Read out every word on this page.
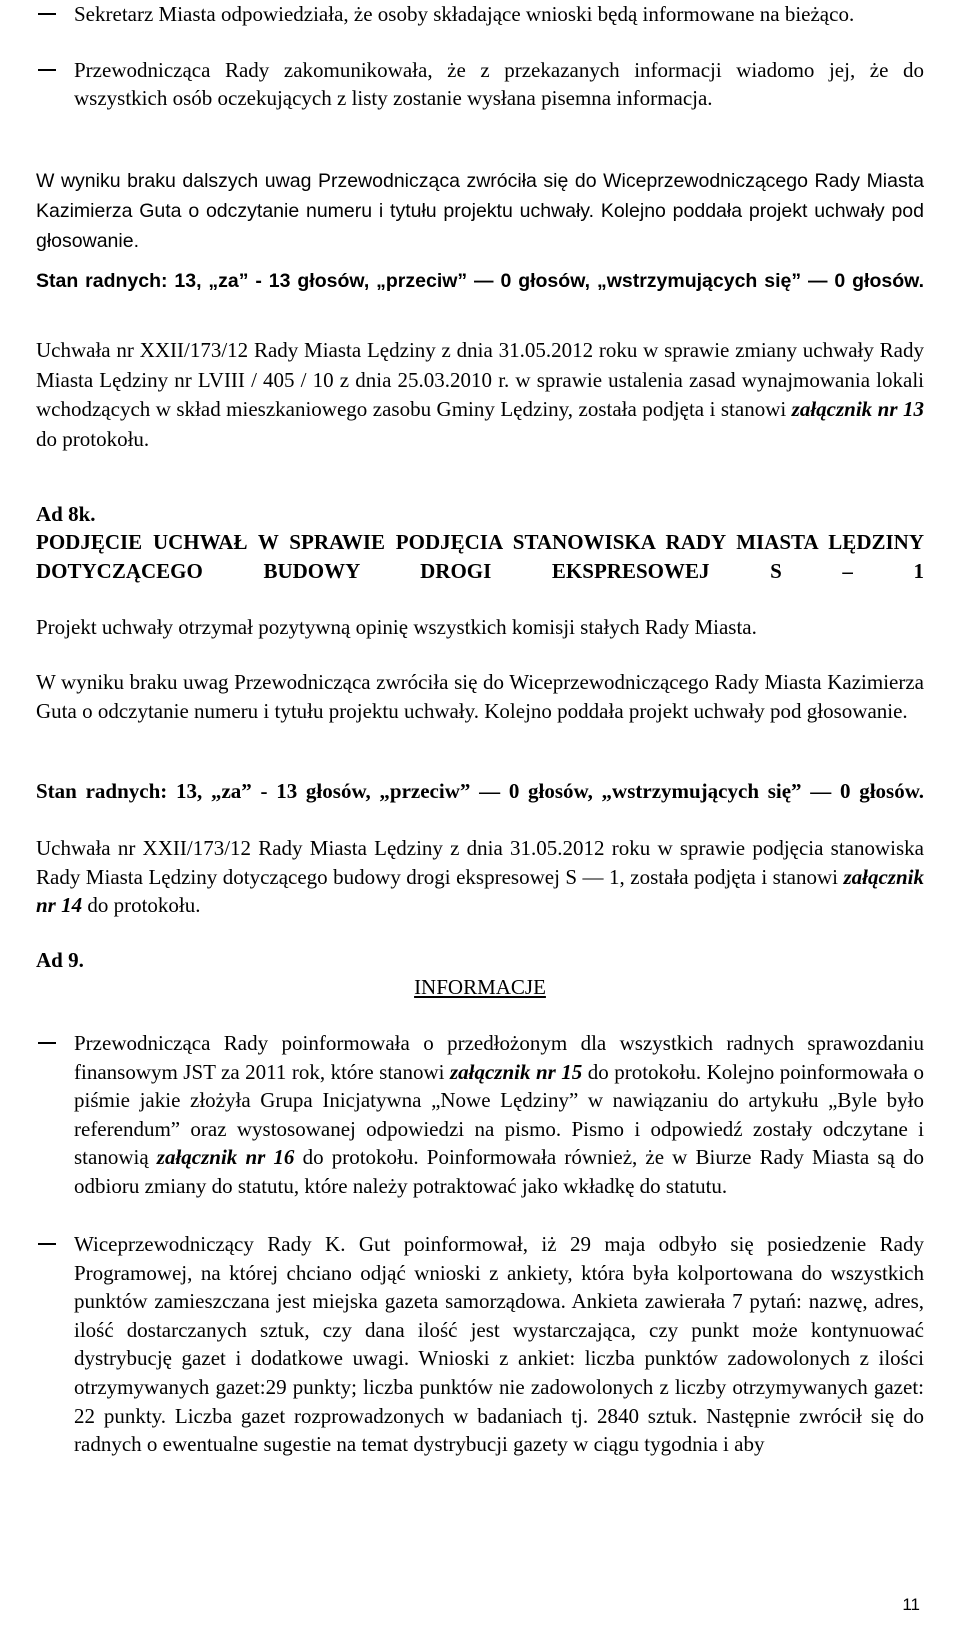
Sekretarz Miasta odpowiedziała, że osoby składające wnioski będą informowane na bieżąco.
Przewodnicząca Rady zakomunikowała, że z przekazanych informacji wiadomo jej, że do wszystkich osób oczekujących z listy zostanie wysłana pisemna informacja.

W wyniku braku dalszych uwag Przewodnicząca zwróciła się do Wiceprzewodniczącego Rady Miasta Kazimierza Guta o odczytanie numeru i tytułu projektu uchwały. Kolejno poddała projekt uchwały pod głosowanie.

Stan radnych: 13, „za” - 13 głosów, „przeciw” — 0 głosów, „wstrzymujących się” — 0 głosów.

Uchwała nr XXII/173/12 Rady Miasta Lędziny z dnia 31.05.2012 roku w sprawie zmiany uchwały Rady Miasta Lędziny nr LVIII / 405 / 10 z dnia 25.03.2010 r. w sprawie ustalenia zasad wynajmowania lokali wchodzących w skład mieszkaniowego zasobu Gminy Lędziny, została podjęta i stanowi załącznik nr 13 do protokołu.

Ad 8k.

PODJĘCIE UCHWAŁ W SPRAWIE PODJĘCIA STANOWISKA RADY MIASTA LĘDZINY DOTYCZĄCEGO BUDOWY DROGI EKSPRESOWEJ S – 1

Projekt uchwały otrzymał pozytywną opinię wszystkich komisji stałych Rady Miasta.

W wyniku braku uwag Przewodnicząca zwróciła się do Wiceprzewodniczącego Rady Miasta Kazimierza Guta o odczytanie numeru i tytułu projektu uchwały. Kolejno poddała projekt uchwały pod głosowanie.

Stan radnych: 13, „za” - 13 głosów, „przeciw” — 0 głosów, „wstrzymujących się” — 0 głosów.

Uchwała nr XXII/173/12 Rady Miasta Lędziny z dnia 31.05.2012 roku w sprawie podjęcia stanowiska Rady Miasta Lędziny dotyczącego budowy drogi ekspresowej S — 1, została podjęta i stanowi załącznik nr 14 do protokołu.

Ad 9.

INFORMACJE

Przewodnicząca Rady poinformowała o przedłożonym dla wszystkich radnych sprawozdaniu finansowym JST za 2011 rok, które stanowi załącznik nr 15 do protokołu. Kolejno poinformowała o piśmie jakie złożyła Grupa Inicjatywna „Nowe Lędziny” w nawiązaniu do artykułu „Byle było referendum” oraz wystosowanej odpowiedzi na pismo. Pismo i odpowiedź zostały odczytane i stanowią załącznik nr 16 do protokołu. Poinformowała również, że w Biurze Rady Miasta są do odbioru zmiany do statutu, które należy potraktować jako wkładkę do statutu.
Wiceprzewodniczący Rady K. Gut poinformował, iż 29 maja odbyło się posiedzenie Rady Programowej, na której chciano odjąć wnioski z ankiety, która była kolportowana do wszystkich punktów zamieszczana jest miejska gazeta samorządowa. Ankieta zawierała 7 pytań: nazwę, adres, ilość dostarczanych sztuk, czy dana ilość jest wystarczająca, czy punkt może kontynuować dystrybucję gazet i dodatkowe uwagi. Wnioski z ankiet: liczba punktów zadowolonych z ilości otrzymywanych gazet:29 punkty; liczba punktów nie zadowolonych z liczby otrzymywanych gazet: 22 punkty. Liczba gazet rozprowadzonych w badaniach tj. 2840 sztuk. Następnie zwrócił się do radnych o ewentualne sugestie na temat dystrybucji gazety w ciągu tygodnia i aby
11
